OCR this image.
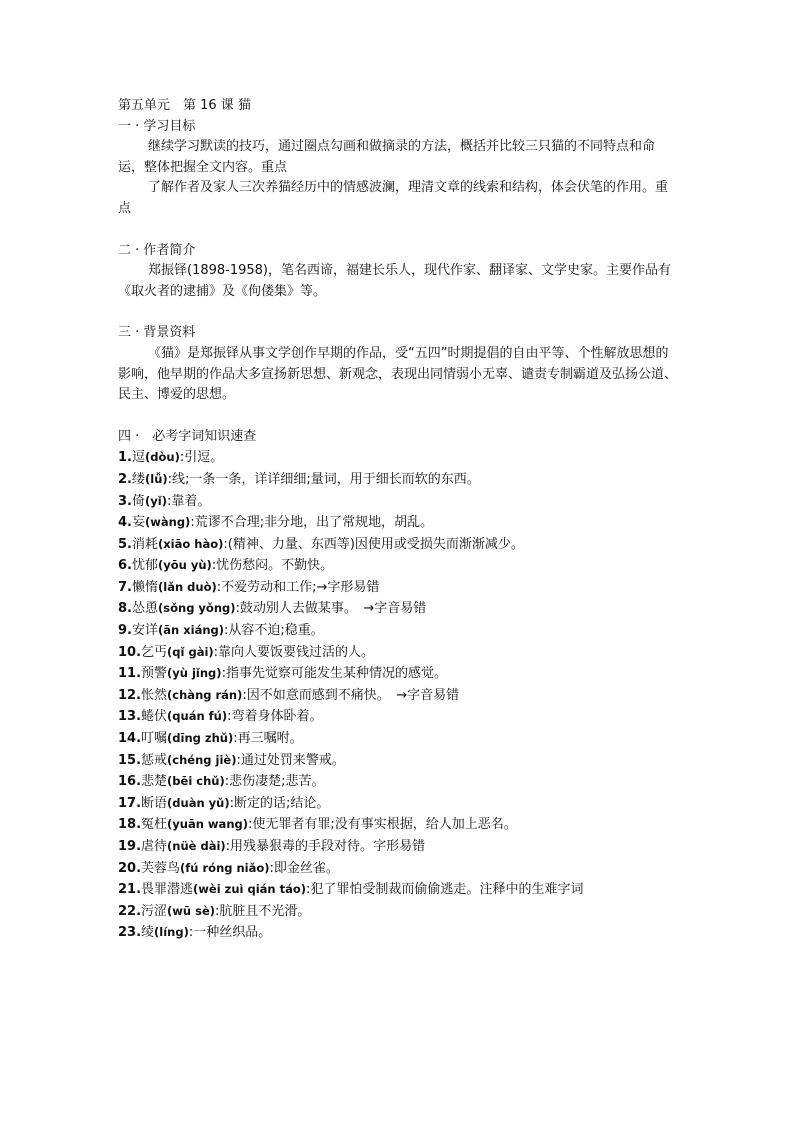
第五单元　第 16 课 猫
一 · 学习目标
继续学习默读的技巧，通过圈点勾画和做摘录的方法，概括并比较三只猫的不同特点和命运，整体把握全文内容。重点
了解作者及家人三次养猫经历中的情感波澜，理清文章的线索和结构，体会伏笔的作用。重点
二 · 作者简介
郑振铎(1898-1958)，笔名西谛，福建长乐人，现代作家、翻译家、文学史家。主要作品有《取火者的逮捕》及《佝偻集》等。
三 · 背景资料
《猫》是郑振铎从事文学创作早期的作品，受“五四”时期提倡的自由平等、个性解放思想的影响，他早期的作品大多宣扬新思想、新观念，表现出同情弱小无辜、谴责专制霸道及弘扬公道、民主、博爱的思想。
四 ·　必考字词知识速查
1.逗(dòu):引逗。
2.缕(lǚ):线;一条一条，详详细细;量词，用于细长而软的东西。
3.倚(yǐ):靠着。
4.妄(wàng):荒谬不合理;非分地，出了常规地，胡乱。
5.消耗(xiāo hào):(精神、力量、东西等)因使用或受损失而渐渐减少。
6.忧郁(yōu yù):忧伤愁闷。不勤快。
7.懒惰(lǎn duò):不爱劳动和工作;→字形易错
8.怂恿(sǒng yǒng):鼓动别人去做某事。　→字音易错
9.安详(ān xiáng):从容不迫;稳重。
10.乞丐(qǐ gài):靠向人要饭要钱过活的人。
11.预警(yù jǐng):指事先觉察可能发生某种情况的感觉。
12.怅然(chàng rán):因不如意而感到不痛快。　→字音易错
13.蜷伏(quán fú):弯着身体卧着。
14.叮嘱(dīng zhǔ):再三嘱咐。
15.惩戒(chéng jiè):通过处罚来警戒。
16.悲楚(bēi chǔ):悲伤凄楚;悲苦。
17.断语(duàn yǔ):断定的话;结论。
18.冤枉(yuān wang):使无罪者有罪;没有事实根据，给人加上恶名。
19.虐待(nüè dài):用残暴狠毒的手段对待。字形易错
20.芙蓉鸟(fú róng niǎo):即金丝雀。
21.畏罪潜逃(wèi zuì qián táo):犯了罪怕受制裁而偷偷逃走。注释中的生难字词
22.污涩(wū sè):肮脏且不光滑。
23.绫(líng):一种丝织品。
